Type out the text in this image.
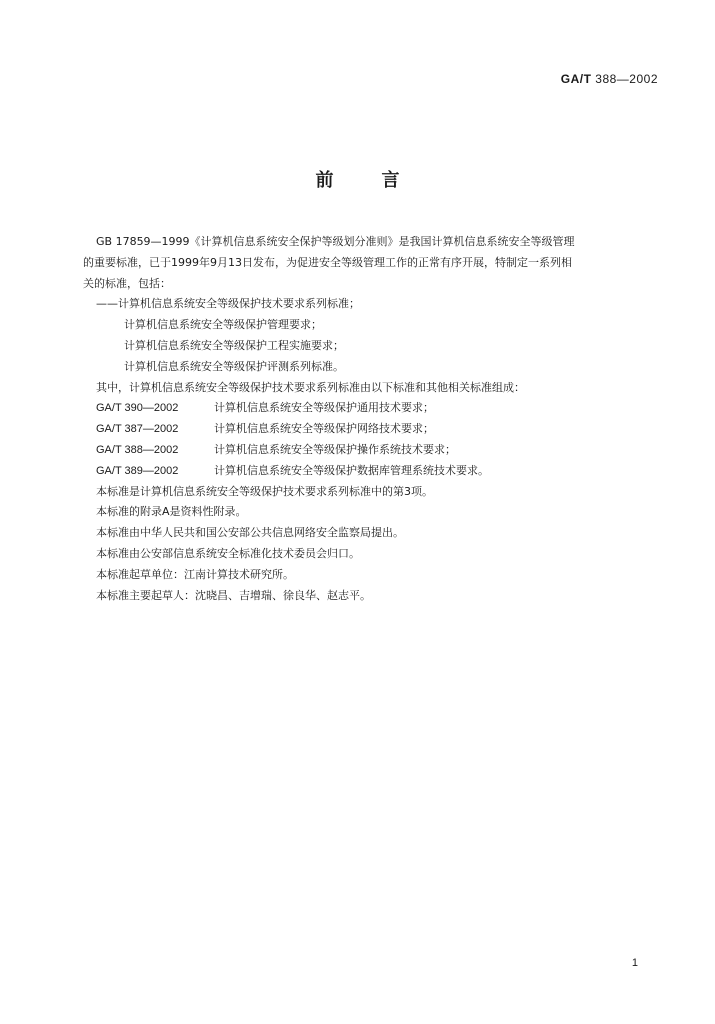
GA/T 388—2002
前言
GB 17859—1999《计算机信息系统安全保护等级划分准则》是我国计算机信息系统安全等级管理
的重要标准，已于1999年9月13日发布，为促进安全等级管理工作的正常有序开展，特制定一系列相
关的标准，包括：

——计算机信息系统安全等级保护技术要求系列标准；

计算机信息系统安全等级保护管理要求；

计算机信息系统安全等级保护工程实施要求；

计算机信息系统安全等级保护评测系列标准。

其中，计算机信息系统安全等级保护技术要求系列标准由以下标准和其他相关标准组成：

GA/T 390—2002	计算机信息系统安全等级保护通用技术要求；
GA/T 387—2002	计算机信息系统安全等级保护网络技术要求；
GA/T 388—2002	计算机信息系统安全等级保护操作系统技术要求；
GA/T 389—2002	计算机信息系统安全等级保护数据库管理系统技术要求。

本标准是计算机信息系统安全等级保护技术要求系列标准中的第3项。

本标准的附录A是资料性附录。

本标准由中华人民共和国公安部公共信息网络安全监察局提出。

本标准由公安部信息系统安全标准化技术委员会归口。

本标准起草单位：江南计算技术研究所。

本标准主要起草人：沈晓昌、吉增瑞、徐良华、赵志平。

1
